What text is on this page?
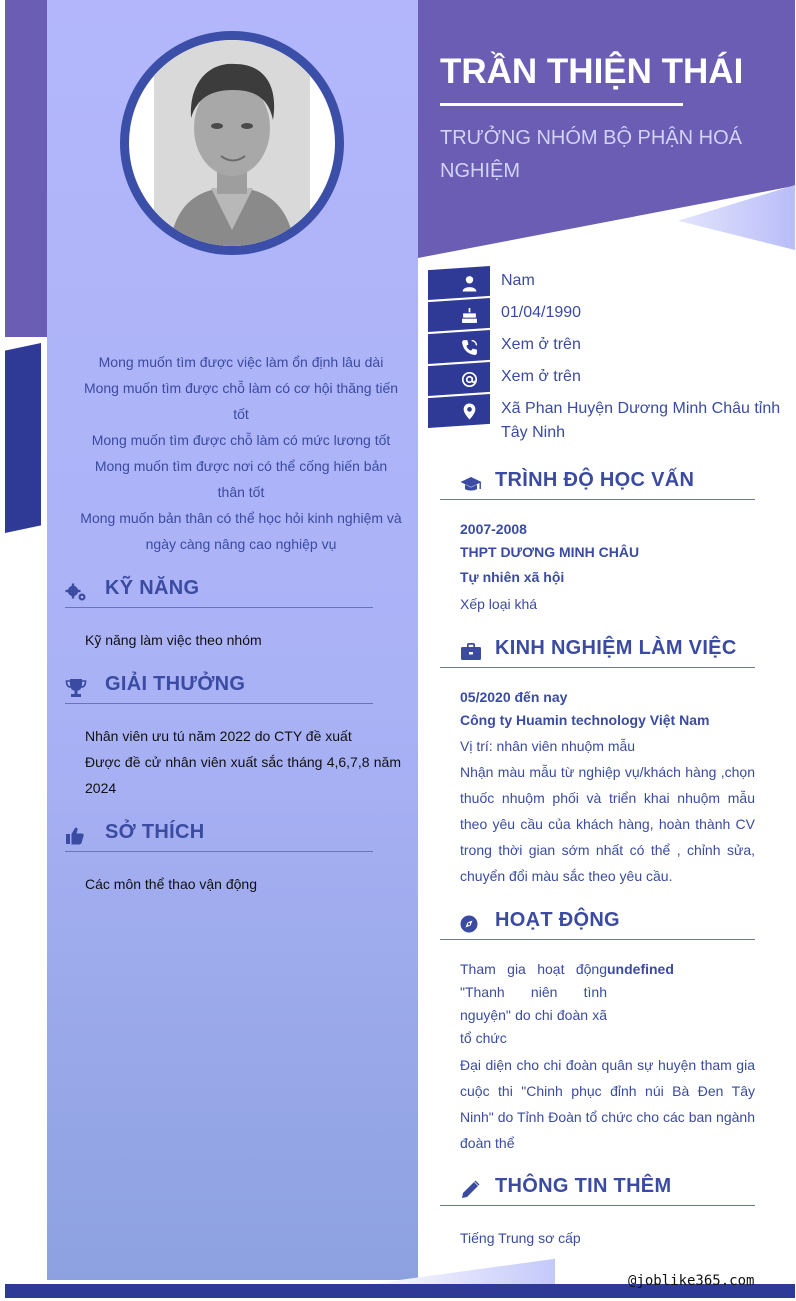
TRẦN THIỆN THÁI
TRƯỞNG NHÓM BỘ PHẬN HOÁ NGHIỆM
Nam
01/04/1990
Xem ở trên
Xem ở trên
Xã Phan Huyện Dương Minh Châu tỉnh Tây Ninh
Mong muốn tìm được việc làm ổn định lâu dài
Mong muốn tìm được chỗ làm có cơ hội thăng tiến tốt
Mong muốn tìm được chỗ làm có mức lương tốt
Mong muốn tìm được nơi có thể cống hiến bản thân tốt
Mong muốn bản thân có thể học hỏi kinh nghiệm và ngày càng nâng cao nghiệp vụ
KỸ NĂNG
Kỹ năng làm việc theo nhóm
GIẢI THƯỞNG
Nhân viên ưu tú năm 2022 do CTY đề xuất
Được đề cử nhân viên xuất sắc tháng 4,6,7,8 năm 2024
SỞ THÍCH
Các môn thể thao vận động
TRÌNH ĐỘ HỌC VẤN
2007-2008
THPT DƯƠNG MINH CHÂU
Tự nhiên xã hội
Xếp loại khá
KINH NGHIỆM LÀM VIỆC
05/2020 đến nay
Công ty Huamin technology Việt Nam
Vị trí: nhân viên nhuộm mẫu
Nhận màu mẫu từ nghiệp vụ/khách hàng ,chọn thuốc nhuộm phối và triển khai nhuộm mẫu theo yêu cầu của khách hàng, hoàn thành CV trong thời gian sớm nhất có thể , chỉnh sửa, chuyển đổi màu sắc theo yêu cầu.
HOẠT ĐỘNG
Tham gia hoạt động "Thanh niên tình nguyện" do chi đoàn xã tổ chức
undefined
Đại diện cho chi đoàn quân sự huyện tham gia cuộc thi "Chinh phục đỉnh núi Bà Đen Tây Ninh" do Tỉnh Đoàn tổ chức cho các ban ngành đoàn thể
THÔNG TIN THÊM
Tiếng Trung sơ cấp
@joblike365.com
